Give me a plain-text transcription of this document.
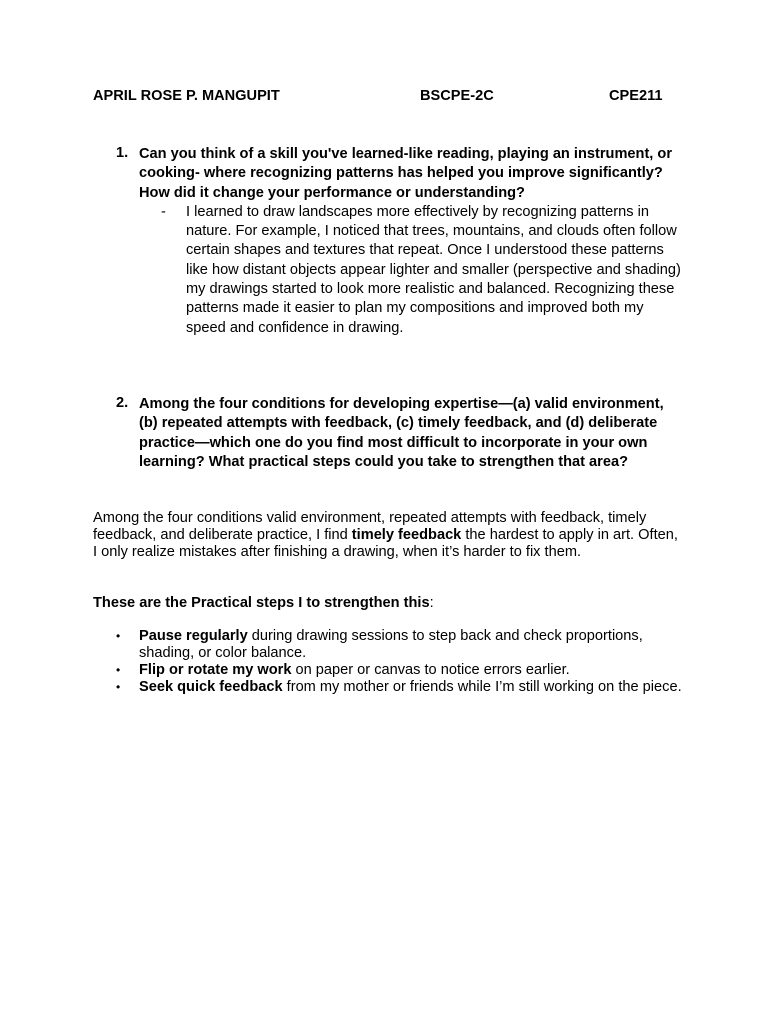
APRIL ROSE P. MANGUPIT	BSCPE-2C	CPE211
1. Can you think of a skill you've learned-like reading, playing an instrument, or cooking- where recognizing patterns has helped you improve significantly? How did it change your performance or understanding?
- I learned to draw landscapes more effectively by recognizing patterns in nature. For example, I noticed that trees, mountains, and clouds often follow certain shapes and textures that repeat. Once I understood these patterns like how distant objects appear lighter and smaller (perspective and shading) my drawings started to look more realistic and balanced. Recognizing these patterns made it easier to plan my compositions and improved both my speed and confidence in drawing.
2. Among the four conditions for developing expertise—(a) valid environment, (b) repeated attempts with feedback, (c) timely feedback, and (d) deliberate practice—which one do you find most difficult to incorporate in your own learning? What practical steps could you take to strengthen that area?
Among the four conditions valid environment, repeated attempts with feedback, timely feedback, and deliberate practice, I find timely feedback the hardest to apply in art. Often, I only realize mistakes after finishing a drawing, when it’s harder to fix them.
These are the Practical steps I to strengthen this:
• Pause regularly during drawing sessions to step back and check proportions, shading, or color balance.
• Flip or rotate my work on paper or canvas to notice errors earlier.
• Seek quick feedback from my mother or friends while I’m still working on the piece.
